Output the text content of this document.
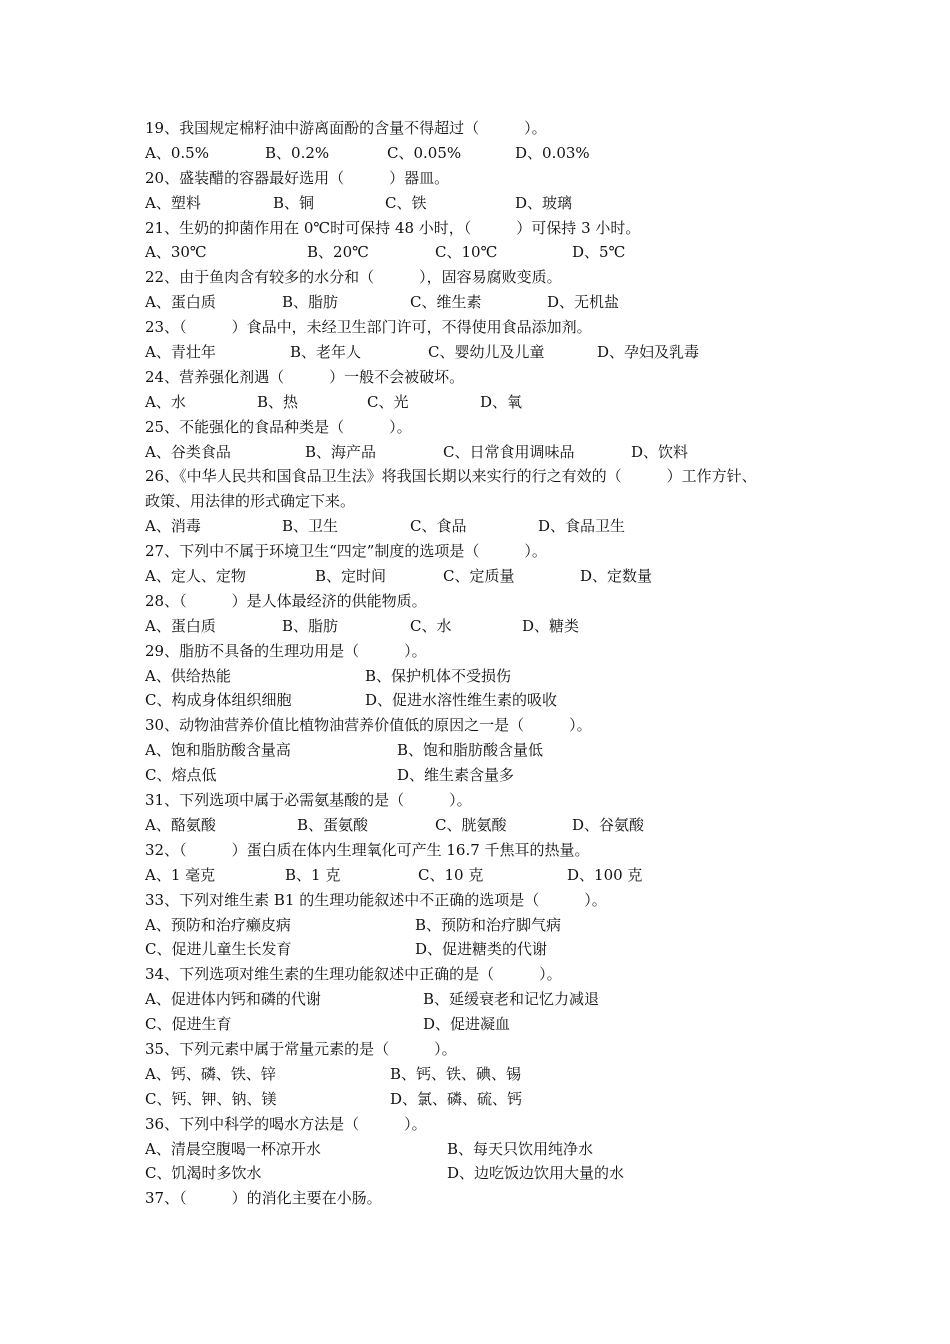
19、我国规定棉籽油中游离面酚的含量不得超过（　　　）。
A、0.5%	B、0.2%	C、0.05%	D、0.03%
20、盛装醋的容器最好选用（　　　）器皿。
A、塑料	B、铜	C、铁	D、玻璃
21、生奶的抑菌作用在 0℃时可保持 48 小时，（　　　）可保持 3 小时。
A、30℃	B、20℃	C、10℃	D、5℃
22、由于鱼肉含有较多的水分和（　　　），固容易腐败变质。
A、蛋白质	B、脂肪	C、维生素	D、无机盐
23、（　　　）食品中，未经卫生部门许可，不得使用食品添加剂。
A、青壮年	B、老年人	C、婴幼儿及儿童	D、孕妇及乳毒
24、营养强化剂遇（　　　）一般不会被破坏。
A、水	B、热	C、光	D、氧
25、不能强化的食品种类是（　　　）。
A、谷类食品	B、海产品	C、日常食用调味品	D、饮料
26、《中华人民共和国食品卫生法》将我国长期以来实行的行之有效的（　　　）工作方针、
政策、用法律的形式确定下来。
A、消毒	B、卫生	C、食品	D、食品卫生
27、下列中不属于环境卫生“四定”制度的选项是（　　　）。
A、定人、定物	B、定时间	C、定质量	D、定数量
28、（　　　）是人体最经济的供能物质。
A、蛋白质	B、脂肪	C、水	D、糖类
29、脂肪不具备的生理功用是（　　　）。
A、供给热能	B、保护机体不受损伤
C、构成身体组织细胞	D、促进水溶性维生素的吸收
30、动物油营养价值比植物油营养价值低的原因之一是（　　　）。
A、饱和脂肪酸含量高	B、饱和脂肪酸含量低
C、熔点低	D、维生素含量多
31、下列选项中属于必需氨基酸的是（　　　）。
A、酪氨酸	B、蛋氨酸	C、胱氨酸	D、谷氨酸
32、（　　　）蛋白质在体内生理氧化可产生 16.7 千焦耳的热量。
A、1 毫克	B、1 克	C、10 克	D、100 克
33、下列对维生素 B1 的生理功能叙述中不正确的选项是（　　　）。
A、预防和治疗癞皮病	B、预防和治疗脚气病
C、促进儿童生长发育	D、促进糖类的代谢
34、下列选项对维生素的生理功能叙述中正确的是（　　　）。
A、促进体内钙和磷的代谢	B、延缓衰老和记忆力减退
C、促进生育	D、促进凝血
35、下列元素中属于常量元素的是（　　　）。
A、钙、磷、铁、锌	B、钙、铁、碘、锡
C、钙、钾、钠、镁	D、氯、磷、硫、钙
36、下列中科学的喝水方法是（　　　）。
A、清晨空腹喝一杯凉开水	B、每天只饮用纯净水
C、饥渴时多饮水	D、边吃饭边饮用大量的水
37、（　　　）的消化主要在小肠。
